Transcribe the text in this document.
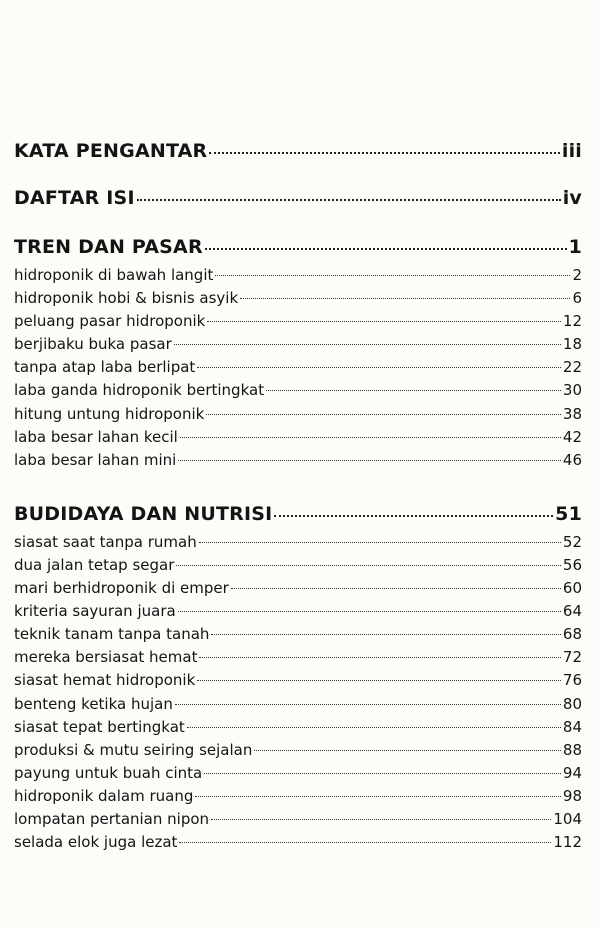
KATA PENGANTAR	iii
DAFTAR ISI	iv
TREN DAN PASAR	1
hidroponik di bawah langit	2
hidroponik hobi & bisnis asyik	6
peluang pasar hidroponik	12
berjibaku buka pasar	18
tanpa atap laba berlipat	22
laba ganda hidroponik bertingkat	30
hitung untung hidroponik	38
laba besar lahan kecil	42
laba besar lahan mini	46
BUDIDAYA DAN NUTRISI	51
siasat saat tanpa rumah	52
dua jalan tetap segar	56
mari berhidroponik di emper	60
kriteria sayuran juara	64
teknik tanam tanpa tanah	68
mereka bersiasat hemat	72
siasat hemat hidroponik	76
benteng ketika hujan	80
siasat tepat bertingkat	84
produksi & mutu seiring sejalan	88
payung untuk buah cinta	94
hidroponik dalam ruang	98
lompatan pertanian nipon	104
selada elok juga lezat	112
